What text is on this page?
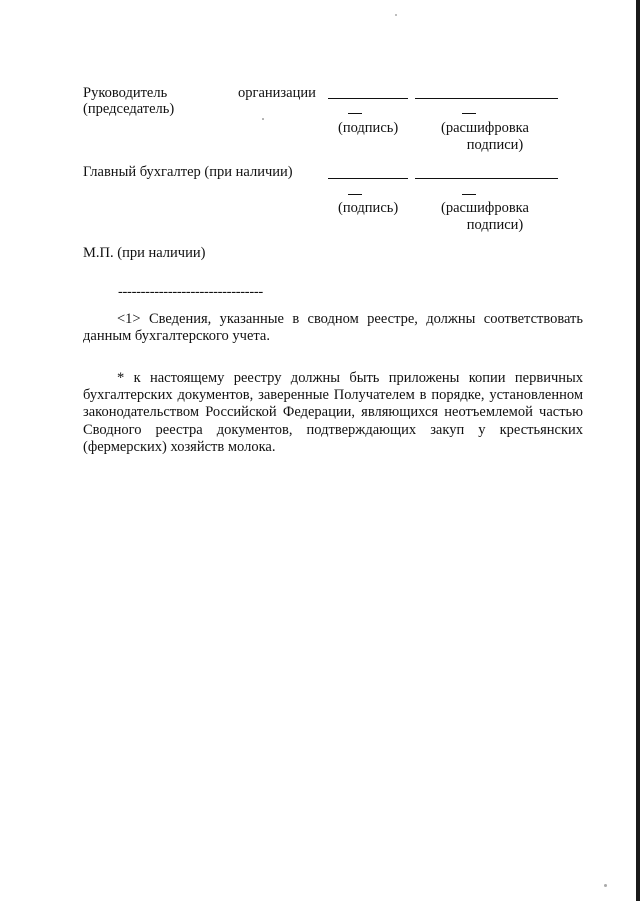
Руководитель	организации
(председатель)
(подпись)	(расшифровка
подписи)
Главный бухгалтер (при наличии)
(подпись)	(расшифровка
подписи)
М.П. (при наличии)
--------------------------------
<1> Сведения, указанные в сводном реестре, должны соответствовать данным бухгалтерского учета.
* к настоящему реестру должны быть приложены копии первичных бухгалтерских документов, заверенные Получателем в порядке, установленном законодательством Российской Федерации, являющихся неотъемлемой частью Сводного реестра документов, подтверждающих закуп у крестьянских (фермерских) хозяйств молока.
